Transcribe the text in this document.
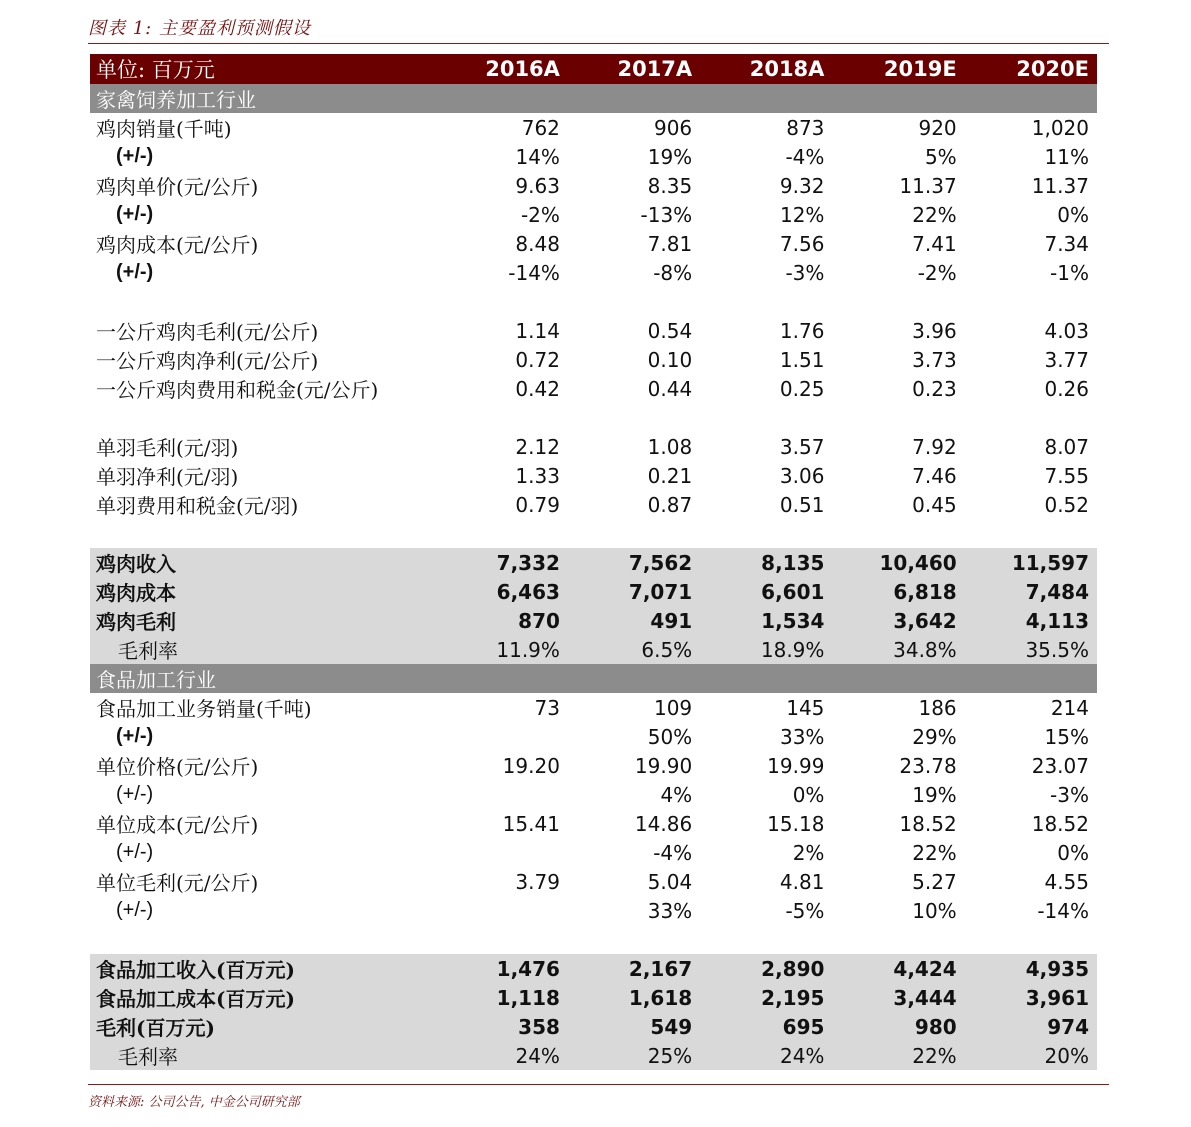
图表 1: 主要盈利预测假设
单位: 百万元	2016A	2017A	2018A	2019E	2020E
家禽饲养加工行业					
鸡肉销量(千吨)	762	906	873	920	1,020
(+/-)	14%	19%	-4%	5%	11%
鸡肉单价(元/公斤)	9.63	8.35	9.32	11.37	11.37
(+/-)	-2%	-13%	12%	22%	0%
鸡肉成本(元/公斤)	8.48	7.81	7.56	7.41	7.34
(+/-)	-14%	-8%	-3%	-2%	-1%

一公斤鸡肉毛利(元/公斤)	1.14	0.54	1.76	3.96	4.03
一公斤鸡肉净利(元/公斤)	0.72	0.10	1.51	3.73	3.77
一公斤鸡肉费用和税金(元/公斤)	0.42	0.44	0.25	0.23	0.26

单羽毛利(元/羽)	2.12	1.08	3.57	7.92	8.07
单羽净利(元/羽)	1.33	0.21	3.06	7.46	7.55
单羽费用和税金(元/羽)	0.79	0.87	0.51	0.45	0.52

鸡肉收入	7,332	7,562	8,135	10,460	11,597
鸡肉成本	6,463	7,071	6,601	6,818	7,484
鸡肉毛利	870	491	1,534	3,642	4,113
毛利率	11.9%	6.5%	18.9%	34.8%	35.5%
食品加工行业					
食品加工业务销量(千吨)	73	109	145	186	214
(+/-)		50%	33%	29%	15%
单位价格(元/公斤)	19.20	19.90	19.99	23.78	23.07
(+/-)		4%	0%	19%	-3%
单位成本(元/公斤)	15.41	14.86	15.18	18.52	18.52
(+/-)		-4%	2%	22%	0%
单位毛利(元/公斤)	3.79	5.04	4.81	5.27	4.55
(+/-)		33%	-5%	10%	-14%

食品加工收入(百万元)	1,476	2,167	2,890	4,424	4,935
食品加工成本(百万元)	1,118	1,618	2,195	3,444	3,961
毛利(百万元)	358	549	695	980	974
毛利率	24%	25%	24%	22%	20%
资料来源: 公司公告, 中金公司研究部
